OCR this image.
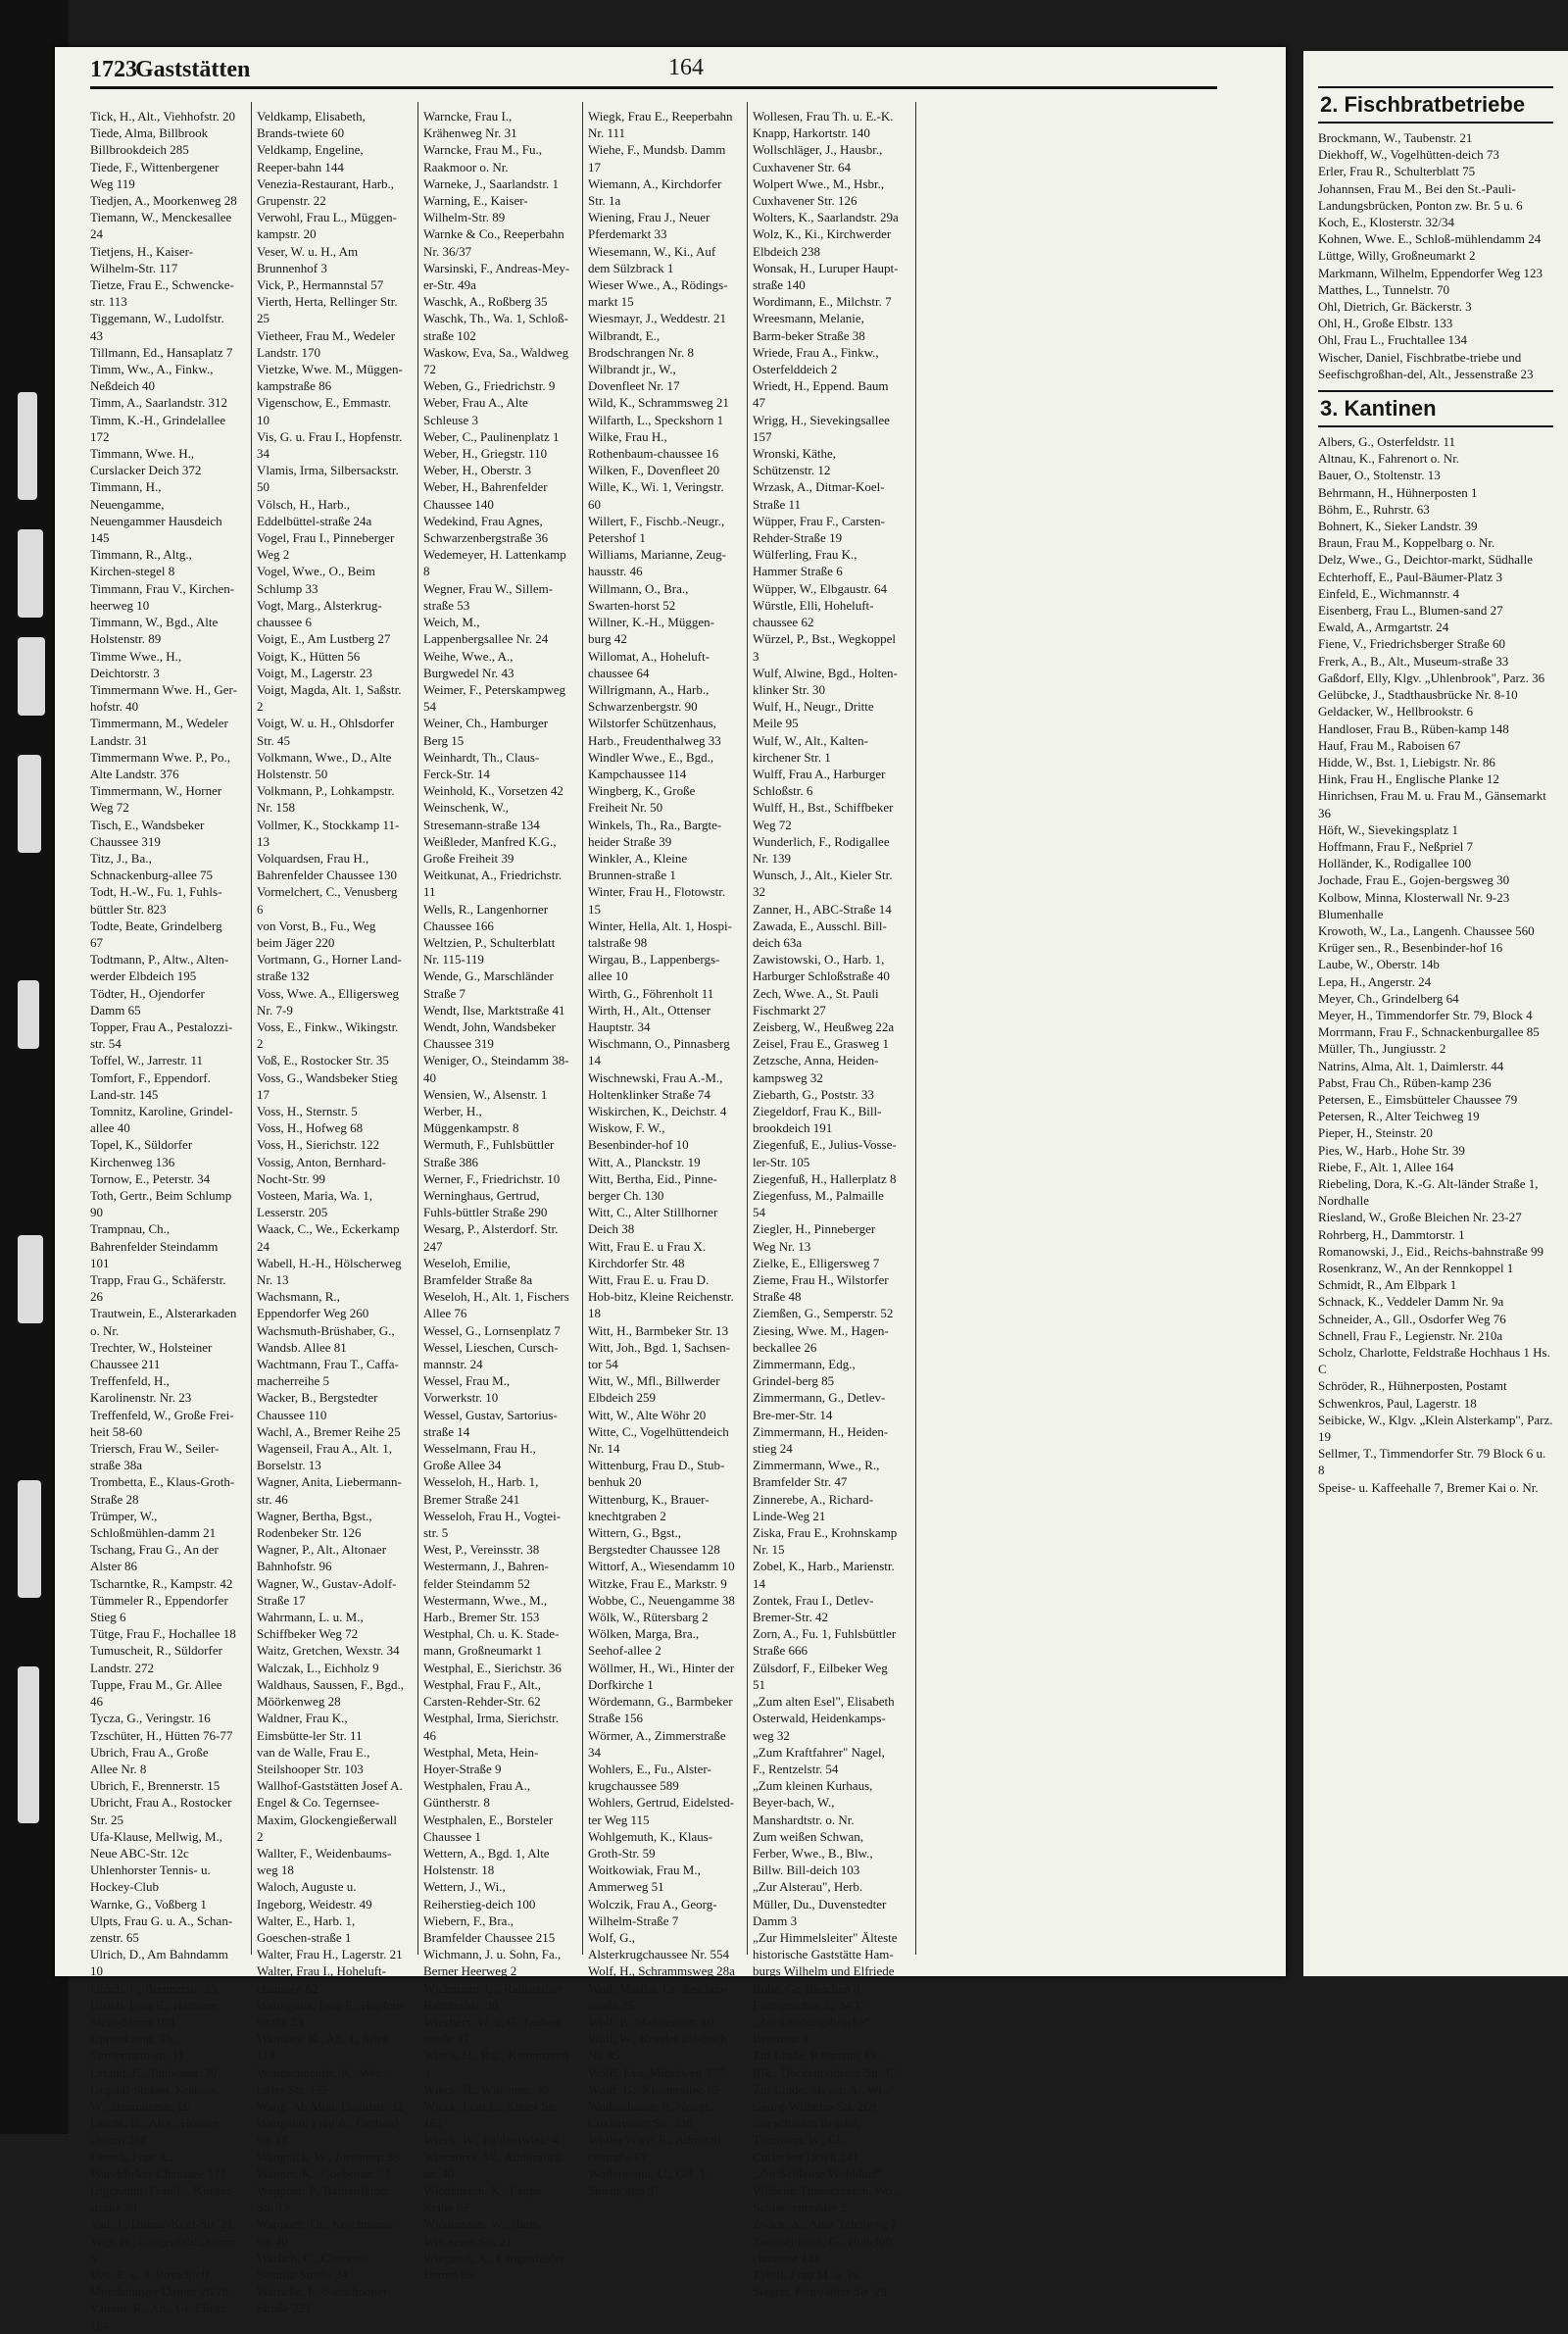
1723
Gaststätten	164
Tick, H., Alt., Viehhofstr. 20
Tiede, Alma, Billbrook
Billbrookdeich 285
Tiede, F., Wittenbergener Weg 119
Tiedjen, A., Moorkenweg 28
Tiemann, W., Menckesallee 24
Tietjens, H., Kaiser-Wilhelm-Str. 117
Tietze, Frau E., Schwencke-str. 113
Tiggemann, W., Ludolfstr. 43
Tillmann, Ed., Hansaplatz 7
Timm, Ww., A., Finkw., Neßdeich 40
Timm, A., Saarlandstr. 312
Timm, K.-H., Grindelallee 172
Timmann, Wwe. H., Curslacker Deich 372
Timmann, H., Neuengamme, Neuengammer Hausdeich 145
Timmann, R., Altg., Kirchen-stegel 8
Timmann, Frau V., Kirchen-heerweg 10
Timmann, W., Bgd., Alte Holstenstr. 89
Timme Wwe., H., Deichtorstr. 3
Timmermann Wwe. H., Ger-hofstr. 40
Timmermann, M., Wedeler Landstr. 31
Timmermann Wwe. P., Po., Alte Landstr. 376
Timmermann, W., Horner Weg 72
Tisch, E., Wandsbeker Chaussee 319
Titz, J., Ba., Schnackenburg-allee 75
Todt, H.-W., Fu. 1, Fuhls-büttler Str. 823
Todte, Beate, Grindelberg 67
Todtmann, P., Altw., Alten-werder Elbdeich 195
Tödter, H., Ojendorfer Damm 65
Topper, Frau A., Pestalozzi-str. 54
Toffel, W., Jarrestr. 11
Tomfort, F., Eppendorf. Land-str. 145
Tomnitz, Karoline, Grindel-allee 40
Topel, K., Süldorfer Kirchenweg 136
Tornow, E., Peterstr. 34
Toth, Gertr., Beim Schlump 90
Trampnau, Ch., Bahrenfelder Steindamm 101
Trapp, Frau G., Schäferstr. 26
Trautwein, E., Alsterarkaden o. Nr.
Trechter, W., Holsteiner Chaussee 211
Treffenfeld, H., Karolinenstr. Nr. 23
Treffenfeld, W., Große Frei-heit 58-60
Triersch, Frau W., Seiler-straße 38a
Trombetta, E., Klaus-Groth-Straße 28
Trümper, W., Schloßmühlen-damm 21
Tschang, Frau G., An der Alster 86
Tscharntke, R., Kampstr. 42
Tümmeler R., Eppendorfer Stieg 6
Tütge, Frau F., Hochallee 18
Tumuscheit, R., Süldorfer Landstr. 272
Tuppe, Frau M., Gr. Allee 46
Tycza, G., Veringstr. 16
Tzschüter, H., Hütten 76-77
Ubrich, Frau A., Große Allee Nr. 8
Ubrich, F., Brennerstr. 15
Ubricht, Frau A., Rostocker Str. 25
Ufa-Klause, Mellwig, M., Neue ABC-Str. 12c
Uhlenhorster Tennis- u. Hockey-Club
Warnke, G., Voßberg 1
Ulpts, Frau G. u. A., Schan-zenstr. 65
Ulrich, D., Am Bahndamm 10
Ulrich, F., Brennerstr. 15
Ulrich, Frau E., Hammer Stein-damm 108
Uppenkamp, Th., Stresemann-str. 11
Urland, E., Taubenstr. 20
Urquell-Stuben, Krakow, W., Dammtorstr. 20
Utecht, H., Altg., Horster Damm 258
Utesch, Frau A., Wandsbeker Chaussee 171
Utgenannt, Frau E., Kloster-straße 30
Vad, J., Ditmar-Koel-Str. 21
Vagt, H., Langenfeld.Damm 5
Veit, E. u. J. Boyadjieff, Mundsburger Damm 26/28
Valtera, R., Alt., Gr. Elbstr. 104
Veldkamp, Elisabeth, Brands-twiete 60
Veldkamp, Engeline, Reeper-bahn 144
Venezia-Restaurant, Harb., Grupenstr. 22
Verwohl, Frau L., Müggen-kampstr. 20
Veser, W. u. H., Am Brunnenhof 3
Vick, P., Hermannstal 57
Vierth, Herta, Rellinger Str. 25
Vietheer, Frau M., Wedeler Landstr. 170
Vietzke, Wwe. M., Müggen-kampstraße 86
Vigenschow, E., Emmastr. 10
Vis, G. u. Frau I., Hopfenstr. 34
Vlamis, Irma, Silbersackstr. 50
Völsch, H., Harb., Eddelbüttel-straße 24a
Vogel, Frau I., Pinneberger Weg 2
Vogel, Wwe., O., Beim Schlump 33
Vogt, Marg., Alsterkrug-chaussee 6
Voigt, E., Am Lustberg 27
Voigt, K., Hütten 56
Voigt, M., Lagerstr. 23
Voigt, Magda, Alt. 1, Saßstr. 2
Voigt, W. u. H., Ohlsdorfer Str. 45
Volkmann, Wwe., D., Alte Holstenstr. 50
Volkmann, P., Lohkampstr. Nr. 158
Vollmer, K., Stockkamp 11-13
Volquardsen, Frau H., Bahrenfelder Chaussee 130
Vormelchert, C., Venusberg 6
von Vorst, B., Fu., Weg beim Jäger 220
Vortmann, G., Horner Land-straße 132
Voss, Wwe. A., Elligersweg Nr. 7-9
Voss, E., Finkw., Wikingstr. 2
Voß, E., Rostocker Str. 35
Voss, G., Wandsbeker Stieg 17
Voss, H., Sternstr. 5
Voss, H., Hofweg 68
Voss, H., Sierichstr. 122
Vossig, Anton, Bernhard-Nocht-Str. 99
Vosteen, Maria, Wa. 1, Lesserstr. 205
Waack, C., We., Eckerkamp 24
Wabell, H.-H., Hölscherweg Nr. 13
Wachsmann, R., Eppendorfer Weg 260
Wachsmuth-Brüshaber, G., Wandsb. Allee 81
Wachtmann, Frau T., Caffa-macherreihe 5
Wacker, B., Bergstedter Chaussee 110
Wachl, A., Bremer Reihe 25
Wagenseil, Frau A., Alt. 1, Borselstr. 13
Wagner, Anita, Liebermann-str. 46
Wagner, Bertha, Bgst., Rodenbeker Str. 126
Wagner, P., Alt., Altonaer Bahnhofstr. 96
Wagner, W., Gustav-Adolf-Straße 17
Wahrmann, L. u. M., Schiffbeker Weg 72
Waitz, Gretchen, Wexstr. 34
Walczak, L., Eichholz 9
Waldhaus, Saussen, F., Bgd., Möörkenweg 28
Waldner, Frau K., Eimsbütte-ler Str. 11
van de Walle, Frau E., Steilshooper Str. 103
Wallhof-Gaststätten Josef A. Engel & Co. Tegernsee-Maxim, Glockengießerwall 2
Wallter, F., Weidenbaums-weg 18
Waloch, Auguste u. Ingeborg, Weidestr. 49
Walter, E., Harb. 1, Goeschen-straße 1
Walter, Frau H., Lagerstr. 21
Walter, Frau I., Hoheluft-chaussee 62
Wamsganz, Frau F., Hopfen-straße 23
Wandrey, K., Alt. 1, Allee 118
Wandschneider, K., Wen-torfer Str. 155
Wang, Ah Moo, Davidstr. 32
Wangelin, Frau A., Gerhard-str. 18
Wangnick, W., Jordanstr. 36
Wanner, K., Goebenstr. 11
Wappner, P., Bahrenfelder Str. 19
Wappner, Th., Krochmann-str. 40
Warlich, C., Clemens-Schultz-Straße 34
Warncke, F., Steilshooper Straße 221
Warncke, Frau I., Krähenweg Nr. 31
Warncke, Frau M., Fu., Raakmoor o. Nr.
Warneke, J., Saarlandstr. 1
Warning, E., Kaiser-Wilhelm-Str. 89
Warnke & Co., Reeperbahn Nr. 36/37
Warsinski, F., Andreas-Mey-er-Str. 49a
Waschk, A., Roßberg 35
Waschk, Th., Wa. 1, Schloß-straße 102
Waskow, Eva, Sa., Waldweg 72
Weben, G., Friedrichstr. 9
Weber, Frau A., Alte Schleuse 3
Weber, C., Paulinenplatz 1
Weber, H., Griegstr. 110
Weber, H., Oberstr. 3
Weber, H., Bahrenfelder Chaussee 140
Wedekind, Frau Agnes, Schwarzenbergstraße 36
Wedemeyer, H. Lattenkamp 8
Wegner, Frau W., Sillem-straße 53
Weich, M., Lappenbergsallee Nr. 24
Weihe, Wwe., A., Burgwedel Nr. 43
Weimer, F., Peterskampweg 54
Weiner, Ch., Hamburger Berg 15
Weinhardt, Th., Claus-Ferck-Str. 14
Weinhold, K., Vorsetzen 42
Weinschenk, W., Stresemann-straße 134
Weißleder, Manfred K.G., Große Freiheit 39
Weitkunat, A., Friedrichstr. 11
Wells, R., Langenhorner Chaussee 166
Weltzien, P., Schulterblatt Nr. 115-119
Wende, G., Marschländer Straße 7
Wendt, Ilse, Marktstraße 41
Wendt, John, Wandsbeker Chaussee 319
Weniger, O., Steindamm 38-40
Wensien, W., Alsenstr. 1
Werber, H., Müggenkampstr. 8
Wermuth, F., Fuhlsbüttler Straße 386
Werner, F., Friedrichstr. 10
Werninghaus, Gertrud, Fuhls-büttler Straße 290
Wesarg, P., Alsterdorf. Str. 247
Weseloh, Emilie, Bramfelder Straße 8a
Weseloh, H., Alt. 1, Fischers Allee 76
Wessel, G., Lornsenplatz 7
Wessel, Lieschen, Cursch-mannstr. 24
Wessel, Frau M., Vorwerkstr. 10
Wessel, Gustav, Sartorius-straße 14
Wesselmann, Frau H., Große Allee 34
Wesseloh, H., Harb. 1, Bremer Straße 241
Wesseloh, Frau H., Vogtei-str. 5
West, P., Vereinsstr. 38
Westermann, J., Bahren-felder Steindamm 52
Westermann, Wwe., M., Harb., Bremer Str. 153
Westphal, Ch. u. K. Stade-mann, Großneumarkt 1
Westphal, E., Sierichstr. 36
Westphal, Frau F., Alt., Carsten-Rehder-Str. 62
Westphal, Irma, Sierichstr. 46
Westphal, Meta, Hein-Hoyer-Straße 9
Westphalen, Frau A., Güntherstr. 8
Westphalen, E., Borsteler Chaussee 1
Wettern, A., Bgd. 1, Alte Holstenstr. 18
Wettern, J., Wi., Reiherstieg-deich 100
Wiebern, F., Bra., Bramfelder Chaussee 215
Wichmann, J. u. Sohn, Fa., Berner Heerweg 2
Wichmann, U., Rahlstedter Bahnhofstr. 30
Wiechers, W. u. G. Tauben-straße 17
Wieck, H., Bst., Kattensteert 4
Wieck, H., Wilsonstr. 40
Wieck, Frau L., Kieler Str. 161
Wieck, W., Fuhlentwiete 4
Wieczorek, W., Admiralität-str. 40
Wiedemann, K., Lange Reihe 92
Wiedemann, W., Harb., Win-sener Str. 21
Wiegandt, A., Langenfelder Damm 86
Wiegk, Frau E., Reeperbahn Nr. 111
Wiehe, F., Mundsb. Damm 17
Wiemann, A., Kirchdorfer Str. 1a
Wiening, Frau J., Neuer Pferdemarkt 33
Wiesemann, W., Ki., Auf dem Sülzbrack 1
Wieser Wwe., A., Rödings-markt 15
Wiesmayr, J., Weddestr. 21
Wilbrandt, E., Brodschrangen Nr. 8
Wilbrandt jr., W., Dovenfleet Nr. 17
Wild, K., Schrammsweg 21
Wilfarth, L., Speckshorn 1
Wilke, Frau H., Rothenbaum-chaussee 16
Wilken, F., Dovenfleet 20
Wille, K., Wi. 1, Veringstr. 60
Willert, F., Fischb.-Neugr., Petershof 1
Williams, Marianne, Zeug-hausstr. 46
Willmann, O., Bra., Swarten-horst 52
Willner, K.-H., Müggen-burg 42
Willomat, A., Hoheluft-chaussee 64
Willrigmann, A., Harb., Schwarzenbergstr. 90
Wilstorfer Schützenhaus, Harb., Freudenthalweg 33
Windler Wwe., E., Bgd., Kampchaussee 114
Wingberg, K., Große Freiheit Nr. 50
Winkels, Th., Ra., Bargte-heider Straße 39
Winkler, A., Kleine Brunnen-straße 1
Winter, Frau H., Flotowstr. 15
Winter, Hella, Alt. 1, Hospi-talstraße 98
Wirgau, B., Lappenbergs-allee 10
Wirth, G., Föhrenholt 11
Wirth, H., Alt., Ottenser Hauptstr. 34
Wischmann, O., Pinnasberg 14
Wischnewski, Frau A.-M., Holtenklinker Straße 74
Wiskirchen, K., Deichstr. 4
Wiskow, F. W., Besenbinder-hof 10
Witt, A., Planckstr. 19
Witt, Bertha, Eid., Pinne-berger Ch. 130
Witt, C., Alter Stillhorner Deich 38
Witt, Frau E. u Frau X. Kirchdorfer Str. 48
Witt, Frau E. u. Frau D. Hob-bitz, Kleine Reichenstr. 18
Witt, H., Barmbeker Str. 13
Witt, Joh., Bgd. 1, Sachsen-tor 54
Witt, W., Mfl., Billwerder Elbdeich 259
Witt, W., Alte Wöhr 20
Witte, C., Vogelhüttendeich Nr. 14
Wittenburg, Frau D., Stub-benhuk 20
Wittenburg, K., Brauer-knechtgraben 2
Wittern, G., Bgst., Bergstedter Chaussee 128
Wittorf, A., Wiesendamm 10
Witzke, Frau E., Markstr. 9
Wobbe, C., Neuengamme 38
Wölk, W., Rütersbarg 2
Wölken, Marga, Bra., Seehof-allee 2
Wöllmer, H., Wi., Hinter der Dorfkirche 1
Wördemann, G., Barmbeker Straße 156
Wörmer, A., Zimmerstraße 34
Wohlers, E., Fu., Alster-krugchaussee 589
Wohlers, Gertrud, Eidelsted-ter Weg 115
Wohlgemuth, K., Klaus-Groth-Str. 59
Woitkowiak, Frau M., Ammerweg 51
Wolczik, Frau A., Georg-Wilhelm-Straße 7
Wolf, G., Alsterkrugchaussee Nr. 554
Wolf, H., Schrammsweg 28a
Wolf, Martha, Gr. Reichen-straße 25
Wolf, P., Mansteinstr. 10
Wolf, W., Krauler Elbdeich Nr. 85
Wolff, Eva, Mittelweg 137
Wolff, G., Klosterallee 65
Wolkenhauer, P., Neugr., Cuxhavener Str. 336
Woller Wwe. E., Admirali-tätstraße 67
Wollermann, U., Gfl. 1, Steenkamp 37
Wollesen, Frau Th. u. E.-K. Knapp, Harkortstr. 140
Wollschläger, J., Hausbr., Cuxhavener Str. 64
Wolpert Wwe., M., Hsbr., Cuxhavener Str. 126
Wolters, K., Saarlandstr. 29a
Wolz, K., Ki., Kirchwerder Elbdeich 238
Wonsak, H., Luruper Haupt-straße 140
Wordimann, E., Milchstr. 7
Wreesmann, Melanie, Barm-beker Straße 38
Wriede, Frau A., Finkw., Osterfelddeich 2
Wriedt, H., Eppend. Baum 47
Wrigg, H., Sievekingsallee 157
Wronski, Käthe, Schützenstr. 12
Wrzask, A., Ditmar-Koel-Straße 11
Wüpper, Frau F., Carsten-Rehder-Straße 19
Wülferling, Frau K., Hammer Straße 6
Wüpper, W., Elbgaustr. 64
Würstle, Elli, Hoheluft-chaussee 62
Würzel, P., Bst., Wegkoppel 3
Wulf, Alwine, Bgd., Holten-klinker Str. 30
Wulf, H., Neugr., Dritte Meile 95
Wulf, W., Alt., Kalten-kirchener Str. 1
Wulff, Frau A., Harburger Schloßstr. 6
Wulff, H., Bst., Schiffbeker Weg 72
Wunderlich, F., Rodigallee Nr. 139
Wunsch, J., Alt., Kieler Str. 32
Zanner, H., ABC-Straße 14
Zawada, E., Ausschl. Bill-deich 63a
Zawistowski, O., Harb. 1, Harburger Schloßstraße 40
Zech, Wwe. A., St. Pauli Fischmarkt 27
Zeisberg, W., Heußweg 22a
Zeisel, Frau E., Grasweg 1
Zetzsche, Anna, Heiden-kampsweg 32
Ziebarth, G., Poststr. 33
Ziegeldorf, Frau K., Bill-brookdeich 191
Ziegenfuß, E., Julius-Vosse-ler-Str. 105
Ziegenfuß, H., Hallerplatz 8
Ziegenfuss, M., Palmaille 54
Ziegler, H., Pinneberger Weg Nr. 13
Zielke, E., Elligersweg 7
Zieme, Frau H., Wilstorfer Straße 48
Ziemßen, G., Semperstr. 52
Ziesing, Wwe. M., Hagen-beckallee 26
Zimmermann, Edg., Grindel-berg 85
Zimmermann, G., Detlev-Bre-mer-Str. 14
Zimmermann, H., Heiden-stieg 24
Zimmermann, Wwe., R., Bramfelder Str. 47
Zinnerebe, A., Richard-Linde-Weg 21
Ziska, Frau E., Krohnskamp Nr. 15
Zobel, K., Harb., Marienstr. 14
Zontek, Frau I., Detlev-Bremer-Str. 42
Zorn, A., Fu. 1, Fuhlsbüttler Straße 666
Zülsdorf, F., Eilbeker Weg 51
„Zum alten Esel", Elisabeth Osterwald, Heidenkamps-weg 32
„Zum Kraftfahrer" Nagel, F., Rentzelstr. 54
„Zum kleinen Kurhaus, Beyer-bach, W., Manshardtstr. o. Nr.
Zum weißen Schwan, Ferber, Wwe., B., Blw., Billw. Bill-deich 103
„Zur Alsterau", Herb. Müller, Du., Duvenstedter Damm 3
„Zur Himmelsleiter" Älteste historische Gaststätte Ham-burgs Wilhelm und Elfriede Rohe, Gr. Bleichen 8
Fernsprecher 32 34 17
„Zur Landungsbrücke" Benittstr. 9
Zur Linde, Baumann, O., Blk., Dockenhudener Str. 12
Zur Linde, Meyer, A., Wi., Georg-Wilhelm-Str. 269
Zur schiefen Brücke, Timmann, W., Cl., Curlacker Deich 241
„Zur Schleuse Wohldorf" Wilhelm Timmermann, Wo., Schleusenredder 2
Zwick, A., Alter Teichweg 7
Zwiebelmann, G., Hoheluft-chaussee 131
Zybill, Frau M. u. W. Siegert, Neustädter Str. 29
2. Fischbratbetriebe
Brockmann, W., Taubenstr. 21
Diekhoff, W., Vogelhütten-deich 73
Erler, Frau R., Schulterblatt 75
Johannsen, Frau M., Bei den St.-Pauli-Landungsbrücken, Ponton zw. Br. 5 u. 6
Koch, E., Klosterstr. 32/34
Kohnen, Wwe. E., Schloß-mühlendamm 24
Lüttge, Willy, Großneumarkt 2
Markmann, Wilhelm, Eppendorfer Weg 123
Matthes, L., Tunnelstr. 70
Ohl, Dietrich, Gr. Bäckerstr. 3
Ohl, H., Große Elbstr. 133
Ohl, Frau L., Fruchtallee 134
Wischer, Daniel, Fischbratbe-triebe und Seefischgroßhan-del, Alt., Jessenstraße 23
3. Kantinen
Albers, G., Osterfeldstr. 11
Altnau, K., Fahrenort o. Nr.
Bauer, O., Stoltenstr. 13
Behrmann, H., Hühnerposten 1
Böhm, E., Ruhrstr. 63
Bohnert, K., Sieker Landstr. 39
Braun, Frau M., Koppelbarg o. Nr.
Delz, Wwe., G., Deichtor-markt, Südhalle
Echterhoff, E., Paul-Bäumer-Platz 3
Einfeld, E., Wichmannstr. 4
Eisenberg, Frau L., Blumen-sand 27
Ewald, A., Armgartstr. 24
Fiene, V., Friedrichsberger Straße 60
Frerk, A., B., Alt., Museum-straße 33
Gaßdorf, Elly, Klgv. „Uhlenbrook", Parz. 36
Gelübcke, J., Stadthausbrücke Nr. 8-10
Geldacker, W., Hellbrookstr. 6
Handloser, Frau B., Rüben-kamp 148
Hauf, Frau M., Raboisen 67
Hidde, W., Bst. 1, Liebigstr. Nr. 86
Hink, Frau H., Englische Planke 12
Hinrichsen, Frau M. u. Frau M., Gänsemarkt 36
Höft, W., Sievekingsplatz 1
Hoffmann, Frau F., Neßpriel 7
Holländer, K., Rodigallee 100
Jochade, Frau E., Gojen-bergsweg 30
Kolbow, Minna, Klosterwall Nr. 9-23 Blumenhalle
Krowoth, W., La., Langenh. Chaussee 560
Krüger sen., R., Besenbinder-hof 16
Laube, W., Oberstr. 14b
Lepa, H., Angerstr. 24
Meyer, Ch., Grindelberg 64
Meyer, H., Timmendorfer Str. 79, Block 4
Morrmann, Frau F., Schnackenburgallee 85
Müller, Th., Jungiusstr. 2
Natrins, Alma, Alt. 1, Daimlerstr. 44
Pabst, Frau Ch., Rüben-kamp 236
Petersen, E., Eimsbütteler Chaussee 79
Petersen, R., Alter Teichweg 19
Pieper, H., Steinstr. 20
Pies, W., Harb., Hohe Str. 39
Riebe, F., Alt. 1, Allee 164
Riebeling, Dora, K.-G. Alt-länder Straße 1, Nordhalle
Riesland, W., Große Bleichen Nr. 23-27
Rohrberg, H., Dammtorstr. 1
Romanowski, J., Eid., Reichs-bahnstraße 99
Rosenkranz, W., An der Rennkoppel 1
Schmidt, R., Am Elbpark 1
Schnack, K., Veddeler Damm Nr. 9a
Schneider, A., Gll., Osdorfer Weg 76
Schnell, Frau F., Legienstr. Nr. 210a
Scholz, Charlotte, Feldstraße Hochhaus 1 Hs. C
Schröder, R., Hühnerposten, Postamt
Schwenkros, Paul, Lagerstr. 18
Seibicke, W., Klgv. „Klein Alsterkamp", Parz. 19
Sellmer, T., Timmendorfer Str. 79 Block 6 u. 8
Speise- u. Kaffeehalle 7, Bremer Kai o. Nr.
